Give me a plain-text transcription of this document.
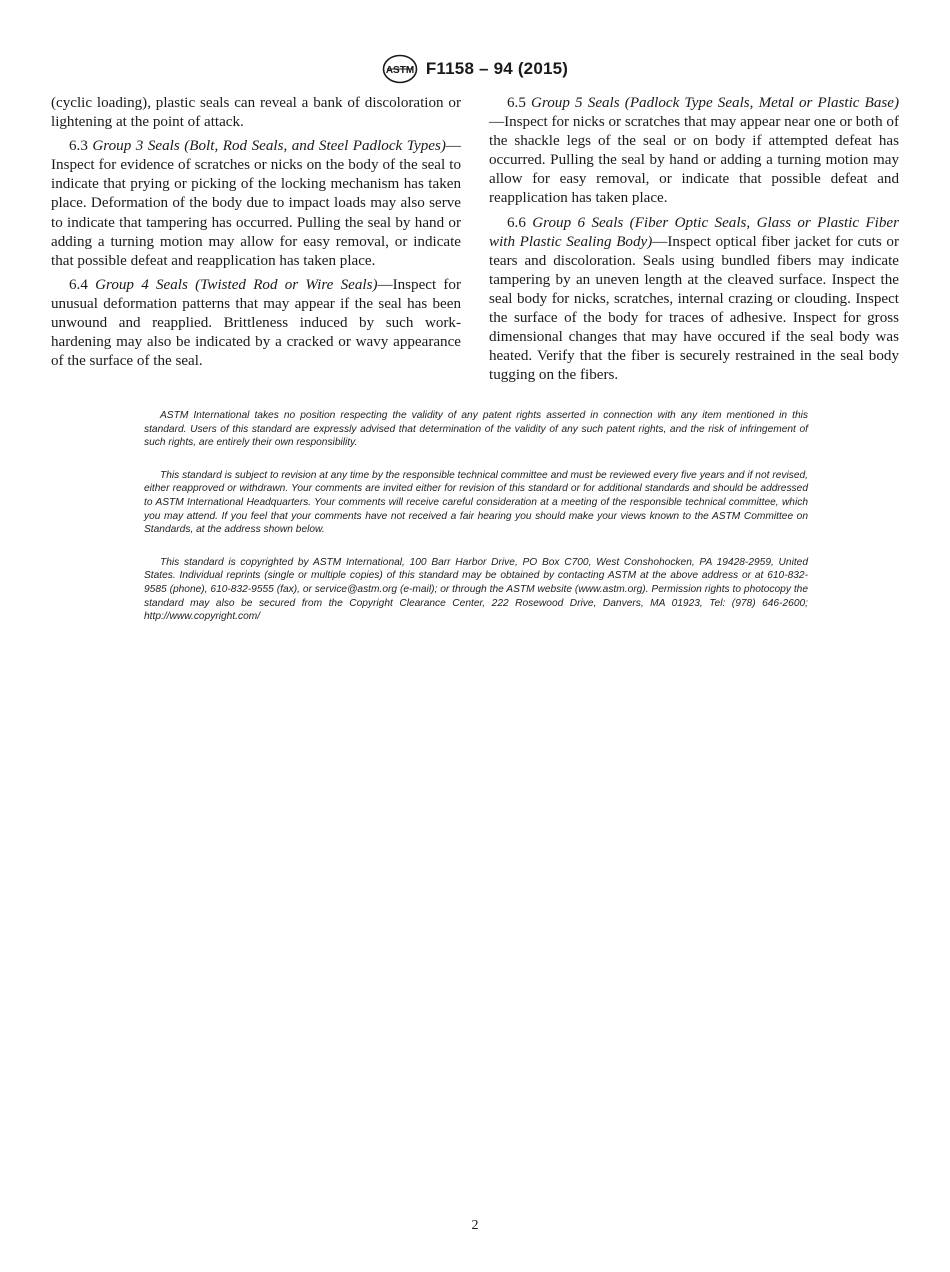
ASTM F1158 – 94 (2015)

(cyclic loading), plastic seals can reveal a bank of discoloration or lightening at the point of attack.

6.3 Group 3 Seals (Bolt, Rod Seals, and Steel Padlock Types)—Inspect for evidence of scratches or nicks on the body of the seal to indicate that prying or picking of the locking mechanism has taken place. Deformation of the body due to impact loads may also serve to indicate that tampering has occurred. Pulling the seal by hand or adding a turning motion may allow for easy removal, or indicate that possible defeat and reapplication has taken place.

6.4 Group 4 Seals (Twisted Rod or Wire Seals)—Inspect for unusual deformation patterns that may appear if the seal has been unwound and reapplied. Brittleness induced by such work-hardening may also be indicated by a cracked or wavy appearance of the surface of the seal.

6.5 Group 5 Seals (Padlock Type Seals, Metal or Plastic Base)—Inspect for nicks or scratches that may appear near one or both of the shackle legs of the seal or on body if attempted defeat has occurred. Pulling the seal by hand or adding a turning motion may allow for easy removal, or indicate that possible defeat and reapplication has taken place.

6.6 Group 6 Seals (Fiber Optic Seals, Glass or Plastic Fiber with Plastic Sealing Body)—Inspect optical fiber jacket for cuts or tears and discoloration. Seals using bundled fibers may indicate tampering by an uneven length at the cleaved surface. Inspect the seal body for nicks, scratches, internal crazing or clouding. Inspect the surface of the body for traces of adhesive. Inspect for gross dimensional changes that may have occured if the seal body was heated. Verify that the fiber is securely restrained in the seal body tugging on the fibers.

ASTM International takes no position respecting the validity of any patent rights asserted in connection with any item mentioned in this standard. Users of this standard are expressly advised that determination of the validity of any such patent rights, and the risk of infringement of such rights, are entirely their own responsibility.

This standard is subject to revision at any time by the responsible technical committee and must be reviewed every five years and if not revised, either reapproved or withdrawn. Your comments are invited either for revision of this standard or for additional standards and should be addressed to ASTM International Headquarters. Your comments will receive careful consideration at a meeting of the responsible technical committee, which you may attend. If you feel that your comments have not received a fair hearing you should make your views known to the ASTM Committee on Standards, at the address shown below.

This standard is copyrighted by ASTM International, 100 Barr Harbor Drive, PO Box C700, West Conshohocken, PA 19428-2959, United States. Individual reprints (single or multiple copies) of this standard may be obtained by contacting ASTM at the above address or at 610-832-9585 (phone), 610-832-9555 (fax), or service@astm.org (e-mail); or through the ASTM website (www.astm.org). Permission rights to photocopy the standard may also be secured from the Copyright Clearance Center, 222 Rosewood Drive, Danvers, MA 01923, Tel: (978) 646-2600; http://www.copyright.com/

2
